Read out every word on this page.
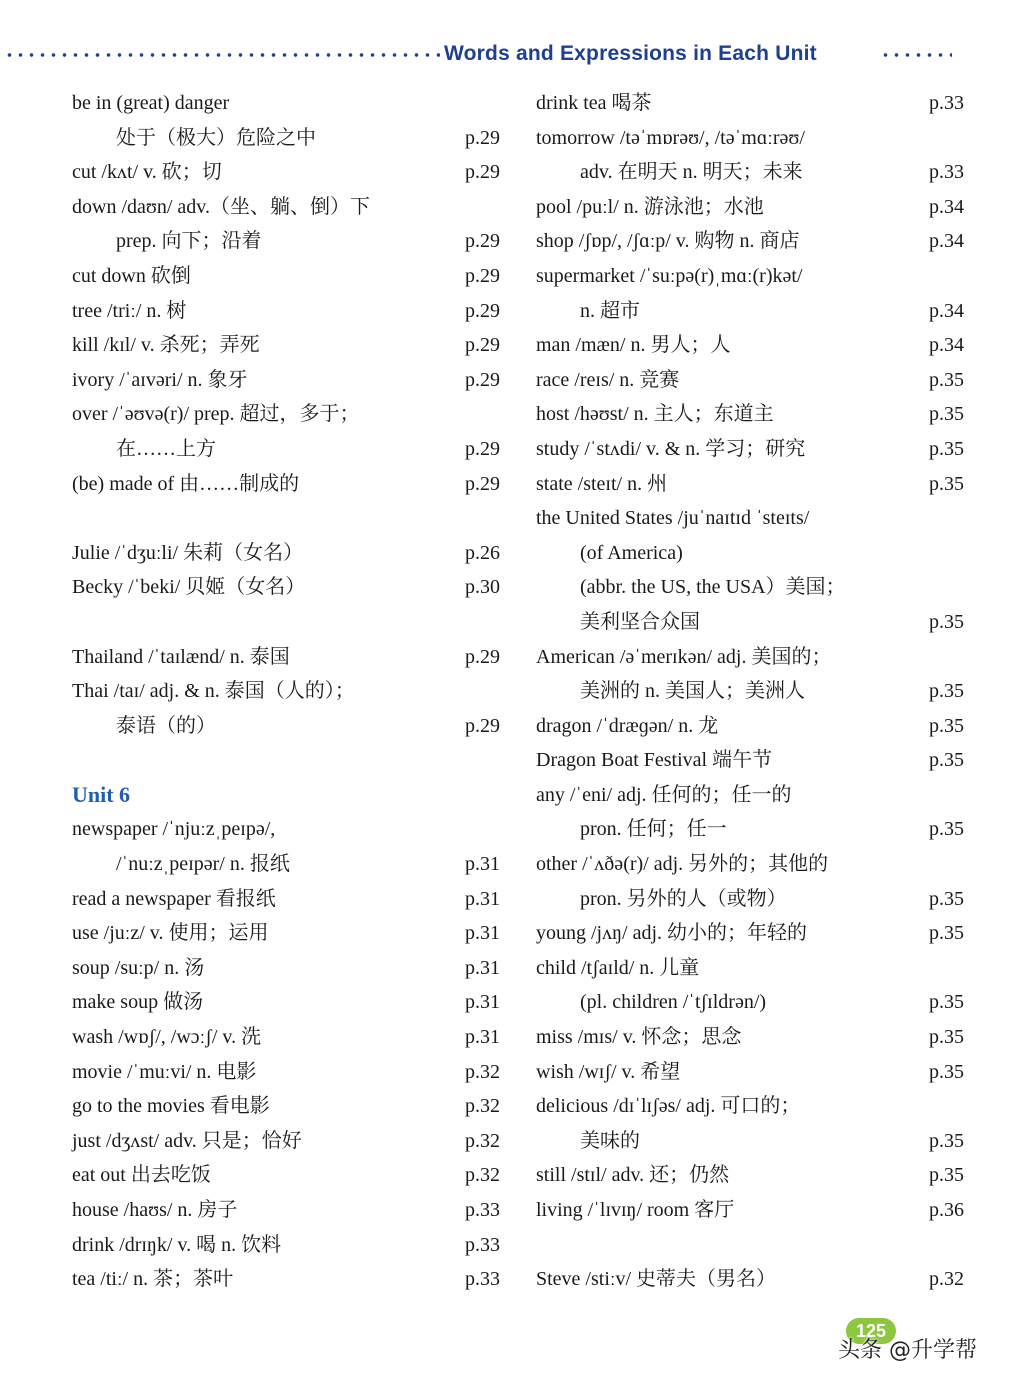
Words and Expressions in Each Unit
be in (great) danger
处于（极大）危险之中	p.29
cut /kʌt/ v. 砍；切	p.29
down /daʊn/ adv.（坐、躺、倒）下
prep. 向下；沿着	p.29
cut down 砍倒	p.29
tree /triː/ n. 树	p.29
kill /kɪl/ v. 杀死；弄死	p.29
ivory /ˈaɪvəri/ n. 象牙	p.29
over /ˈəʊvə(r)/ prep. 超过，多于；
在……上方	p.29
(be) made of 由……制成的	p.29
Julie /ˈdʒuːli/ 朱莉（女名）	p.26
Becky /ˈbeki/ 贝姬（女名）	p.30
Thailand /ˈtaɪlænd/ n. 泰国	p.29
Thai /taɪ/ adj. & n. 泰国（人的）；
泰语（的）	p.29
Unit 6
newspaper /ˈnjuːzˌpeɪpə/,
/ˈnuːzˌpeɪpər/ n. 报纸	p.31
read a newspaper 看报纸	p.31
use /juːz/ v. 使用；运用	p.31
soup /suːp/ n. 汤	p.31
make soup 做汤	p.31
wash /wɒʃ/, /wɔːʃ/ v. 洗	p.31
movie /ˈmuːvi/ n. 电影	p.32
go to the movies 看电影	p.32
just /dʒʌst/ adv. 只是；恰好	p.32
eat out 出去吃饭	p.32
house /haʊs/ n. 房子	p.33
drink /drɪŋk/ v. 喝 n. 饮料	p.33
tea /tiː/ n. 茶；茶叶	p.33
drink tea 喝茶	p.33
tomorrow /təˈmɒrəʊ/, /təˈmɑːrəʊ/
adv. 在明天 n. 明天；未来	p.33
pool /puːl/ n. 游泳池；水池	p.34
shop /ʃɒp/, /ʃɑːp/ v. 购物 n. 商店	p.34
supermarket /ˈsuːpə(r)ˌmɑː(r)kət/
n. 超市	p.34
man /mæn/ n. 男人；人	p.34
race /reɪs/ n. 竞赛	p.35
host /həʊst/ n. 主人；东道主	p.35
study /ˈstʌdi/ v. & n. 学习；研究	p.35
state /steɪt/ n. 州	p.35
the United States /juˈnaɪtɪd ˈsteɪts/
(of America)
(abbr. the US, the USA）美国；
美利坚合众国	p.35
American /əˈmerɪkən/ adj. 美国的；
美洲的 n. 美国人；美洲人	p.35
dragon /ˈdræɡən/ n. 龙	p.35
Dragon Boat Festival 端午节	p.35
any /ˈeni/ adj. 任何的；任一的
pron. 任何；任一	p.35
other /ˈʌðə(r)/ adj. 另外的；其他的
pron. 另外的人（或物）	p.35
young /jʌŋ/ adj. 幼小的；年轻的	p.35
child /tʃaɪld/ n. 儿童
(pl. children /ˈtʃɪldrən/)	p.35
miss /mɪs/ v. 怀念；思念	p.35
wish /wɪʃ/ v. 希望	p.35
delicious /dɪˈlɪʃəs/ adj. 可口的；
美味的	p.35
still /stɪl/ adv. 还；仍然	p.35
living /ˈlɪvɪŋ/ room 客厅	p.36
Steve /stiːv/ 史蒂夫（男名）	p.32
125
头条 @升学帮
